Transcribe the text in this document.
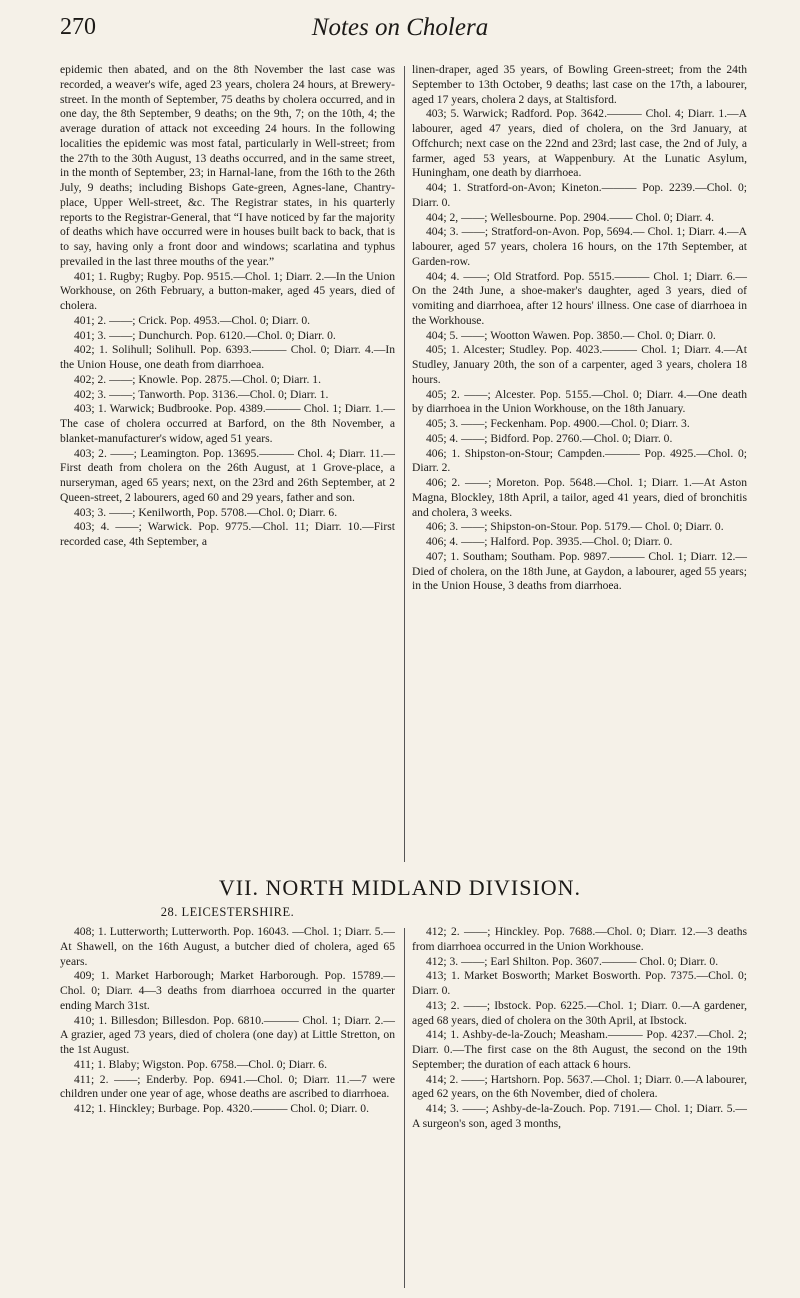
270	Notes on Cholera

epidemic then abated, and on the 8th November the last case was recorded, a weaver's wife, aged 23 years, cholera 24 hours, at Brewery-street. In the month of September, 75 deaths by cholera occurred, and in one day, the 8th September, 9 deaths; on the 9th, 7; on the 10th, 4; the average duration of attack not exceeding 24 hours. In the following localities the epidemic was most fatal, particularly in Well-street; from the 27th to the 30th August, 13 deaths occurred, and in the same street, in the month of September, 23; in Harnal-lane, from the 16th to the 26th July, 9 deaths; including Bishops Gate-green, Agnes-lane, Chantry-place, Upper Well-street, &c. The Registrar states, in his quarterly reports to the Registrar-General, that “I have noticed by far the majority of deaths which have occurred were in houses built back to back, that is to say, having only a front door and windows; scarlatina and typhus prevailed in the last three mouths of the year.”

401; 1. Rugby; Rugby. Pop. 9515.—Chol. 1; Diarr. 2.—In the Union Workhouse, on 26th February, a button-maker, aged 45 years, died of cholera.

401; 2. ——; Crick. Pop. 4953.—Chol. 0; Diarr. 0.

401; 3. ——; Dunchurch. Pop. 6120.—Chol. 0; Diarr. 0.

402; 1. Solihull; Solihull. Pop. 6393.——— Chol. 0; Diarr. 4.—In the Union House, one death from diarrhoea.

402; 2. ——; Knowle. Pop. 2875.—Chol. 0; Diarr. 1.

402; 3. ——; Tanworth. Pop. 3136.—Chol. 0; Diarr. 1.

403; 1. Warwick; Budbrooke. Pop. 4389.——— Chol. 1; Diarr. 1.—The case of cholera occurred at Barford, on the 8th November, a blanket-manufacturer's widow, aged 51 years.

403; 2. ——; Leamington. Pop. 13695.——— Chol. 4; Diarr. 11.—First death from cholera on the 26th August, at 1 Grove-place, a nurseryman, aged 65 years; next, on the 23rd and 26th September, at 2 Queen-street, 2 labourers, aged 60 and 29 years, father and son.

403; 3. ——; Kenilworth, Pop. 5708.—Chol. 0; Diarr. 6.

403; 4. ——; Warwick. Pop. 9775.—Chol. 11; Diarr. 10.—First recorded case, 4th September, a

linen-draper, aged 35 years, of Bowling Green-street; from the 24th September to 13th October, 9 deaths; last case on the 17th, a labourer, aged 17 years, cholera 2 days, at Staltisford.

403; 5. Warwick; Radford. Pop. 3642.——— Chol. 4; Diarr. 1.—A labourer, aged 47 years, died of cholera, on the 3rd January, at Offchurch; next case on the 22nd and 23rd; last case, the 2nd of July, a farmer, aged 53 years, at Wappenbury. At the Lunatic Asylum, Huningham, one death by diarrhoea.

404; 1. Stratford-on-Avon; Kineton.——— Pop. 2239.—Chol. 0; Diarr. 0.

404; 2, ——; Wellesbourne. Pop. 2904.—— Chol. 0; Diarr. 4.

404; 3. ——; Stratford-on-Avon. Pop, 5694.— Chol. 1; Diarr. 4.—A labourer, aged 57 years, cholera 16 hours, on the 17th September, at Garden-row.

404; 4. ——; Old Stratford. Pop. 5515.——— Chol. 1; Diarr. 6.—On the 24th June, a shoe-maker's daughter, aged 3 years, died of vomiting and diarrhoea, after 12 hours' illness. One case of diarrhoea in the Workhouse.

404; 5. ——; Wootton Wawen. Pop. 3850.— Chol. 0; Diarr. 0.

405; 1. Alcester; Studley. Pop. 4023.——— Chol. 1; Diarr. 4.—At Studley, January 20th, the son of a carpenter, aged 3 years, cholera 18 hours.

405; 2. ——; Alcester. Pop. 5155.—Chol. 0; Diarr. 4.—One death by diarrhoea in the Union Workhouse, on the 18th January.

405; 3. ——; Feckenham. Pop. 4900.—Chol. 0; Diarr. 3.

405; 4. ——; Bidford. Pop. 2760.—Chol. 0; Diarr. 0.

406; 1. Shipston-on-Stour; Campden.——— Pop. 4925.—Chol. 0; Diarr. 2.

406; 2. ——; Moreton. Pop. 5648.—Chol. 1; Diarr. 1.—At Aston Magna, Blockley, 18th April, a tailor, aged 41 years, died of bronchitis and cholera, 3 weeks.

406; 3. ——; Shipston-on-Stour. Pop. 5179.— Chol. 0; Diarr. 0.

406; 4. ——; Halford. Pop. 3935.—Chol. 0; Diarr. 0.

407; 1. Southam; Southam. Pop. 9897.——— Chol. 1; Diarr. 12.—Died of cholera, on the 18th June, at Gaydon, a labourer, aged 55 years; in the Union House, 3 deaths from diarrhoea.

VII. NORTH MIDLAND DIVISION.
28. LEICESTERSHIRE.

408; 1. Lutterworth; Lutterworth. Pop. 16043. —Chol. 1; Diarr. 5.—At Shawell, on the 16th August, a butcher died of cholera, aged 65 years.

409; 1. Market Harborough; Market Harborough. Pop. 15789.—Chol. 0; Diarr. 4—3 deaths from diarrhoea occurred in the quarter ending March 31st.

410; 1. Billesdon; Billesdon. Pop. 6810.——— Chol. 1; Diarr. 2.—A grazier, aged 73 years, died of cholera (one day) at Little Stretton, on the 1st August.

411; 1. Blaby; Wigston. Pop. 6758.—Chol. 0; Diarr. 6.

411; 2. ——; Enderby. Pop. 6941.—Chol. 0; Diarr. 11.—7 were children under one year of age, whose deaths are ascribed to diarrhoea.

412; 1. Hinckley; Burbage. Pop. 4320.——— Chol. 0; Diarr. 0.

412; 2. ——; Hinckley. Pop. 7688.—Chol. 0; Diarr. 12.—3 deaths from diarrhoea occurred in the Union Workhouse.

412; 3. ——; Earl Shilton. Pop. 3607.——— Chol. 0; Diarr. 0.

413; 1. Market Bosworth; Market Bosworth. Pop. 7375.—Chol. 0; Diarr. 0.

413; 2. ——; Ibstock. Pop. 6225.—Chol. 1; Diarr. 0.—A gardener, aged 68 years, died of cholera on the 30th April, at Ibstock.

414; 1. Ashby-de-la-Zouch; Measham.——— Pop. 4237.—Chol. 2; Diarr. 0.—The first case on the 8th August, the second on the 19th September; the duration of each attack 6 hours.

414; 2. ——; Hartshorn. Pop. 5637.—Chol. 1; Diarr. 0.—A labourer, aged 62 years, on the 6th November, died of cholera.

414; 3. ——; Ashby-de-la-Zouch. Pop. 7191.— Chol. 1; Diarr. 5.—A surgeon's son, aged 3 months,
